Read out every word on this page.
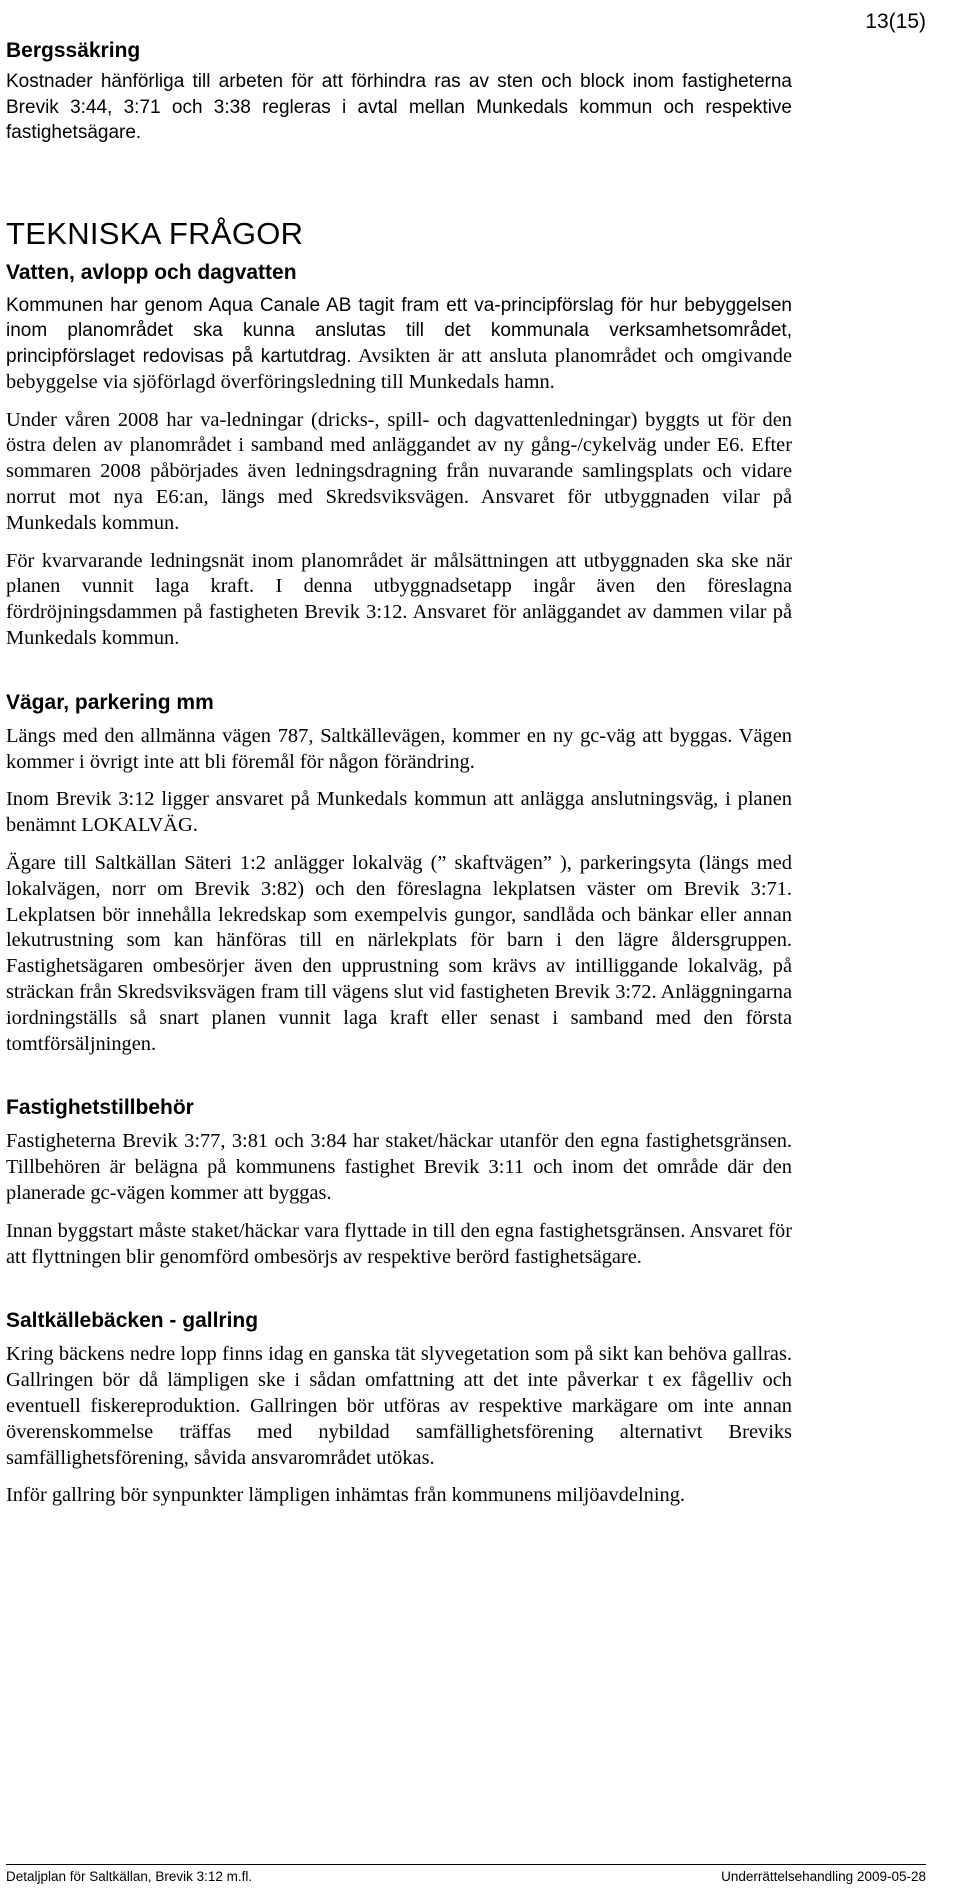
13(15)
Bergssäkring

Kostnader hänförliga till arbeten för att förhindra ras av sten och block inom fastigheterna Brevik 3:44, 3:71 och 3:38 regleras i avtal mellan Munkedals kommun och respektive fastighetsägare.

TEKNISKA FRÅGOR
Vatten, avlopp och dagvatten

Kommunen har genom Aqua Canale AB tagit fram ett va-principförslag för hur bebyggelsen inom planområdet ska kunna anslutas till det kommunala verksamhetsområdet, principförslaget redovisas på kartutdrag. Avsikten är att ansluta planområdet och omgivande bebyggelse via sjöförlagd överföringsledning till Munkedals hamn.

Under våren 2008 har va-ledningar (dricks-, spill- och dagvattenledningar) byggts ut för den östra delen av planområdet i samband med anläggandet av ny gång-/cykelväg under E6. Efter sommaren 2008 påbörjades även ledningsdragning från nuvarande samlingsplats och vidare norrut mot nya E6:an, längs med Skredsviksvägen. Ansvaret för utbyggnaden vilar på Munkedals kommun.

För kvarvarande ledningsnät inom planområdet är målsättningen att utbyggnaden ska ske när planen vunnit laga kraft. I denna utbyggnadsetapp ingår även den föreslagna fördröjningsdammen på fastigheten Brevik 3:12. Ansvaret för anläggandet av dammen vilar på Munkedals kommun.

Vägar, parkering mm

Längs med den allmänna vägen 787, Saltkällevägen, kommer en ny gc-väg att byggas. Vägen kommer i övrigt inte att bli föremål för någon förändring.

Inom Brevik 3:12 ligger ansvaret på Munkedals kommun att anlägga anslutningsväg, i planen benämnt LOKALVÄG.

Ägare till Saltkällan Säteri 1:2 anlägger lokalväg (” skaftvägen” ), parkeringsyta (längs med lokalvägen, norr om Brevik 3:82) och den föreslagna lekplatsen väster om Brevik 3:71. Lekplatsen bör innehålla lekredskap som exempelvis gungor, sandlåda och bänkar eller annan lekutrustning som kan hänföras till en närlekplats för barn i den lägre åldersgruppen. Fastighetsägaren ombesörjer även den upprustning som krävs av intilliggande lokalväg, på sträckan från Skredsviksvägen fram till vägens slut vid fastigheten Brevik 3:72. Anläggningarna iordningställs så snart planen vunnit laga kraft eller senast i samband med den första tomtförsäljningen.

Fastighetstillbehör

Fastigheterna Brevik 3:77, 3:81 och 3:84 har staket/häckar utanför den egna fastighetsgränsen. Tillbehören är belägna på kommunens fastighet Brevik 3:11 och inom det område där den planerade gc-vägen kommer att byggas.

Innan byggstart måste staket/häckar vara flyttade in till den egna fastighetsgränsen. Ansvaret för att flyttningen blir genomförd ombesörjs av respektive berörd fastighetsägare.

Saltkällebäcken - gallring

Kring bäckens nedre lopp finns idag en ganska tät slyvegetation som på sikt kan behöva gallras. Gallringen bör då lämpligen ske i sådan omfattning att det inte påverkar t ex fågelliv och eventuell fiskereproduktion. Gallringen bör utföras av respektive markägare om inte annan överenskommelse träffas med nybildad samfällighetsförening alternativt Breviks samfällighetsförening, såvida ansvarområdet utökas.

Inför gallring bör synpunkter lämpligen inhämtas från kommunens miljöavdelning.

Detaljplan för Saltkällan, Brevik 3:12 m.fl.	Underrättelsehandling 2009-05-28
